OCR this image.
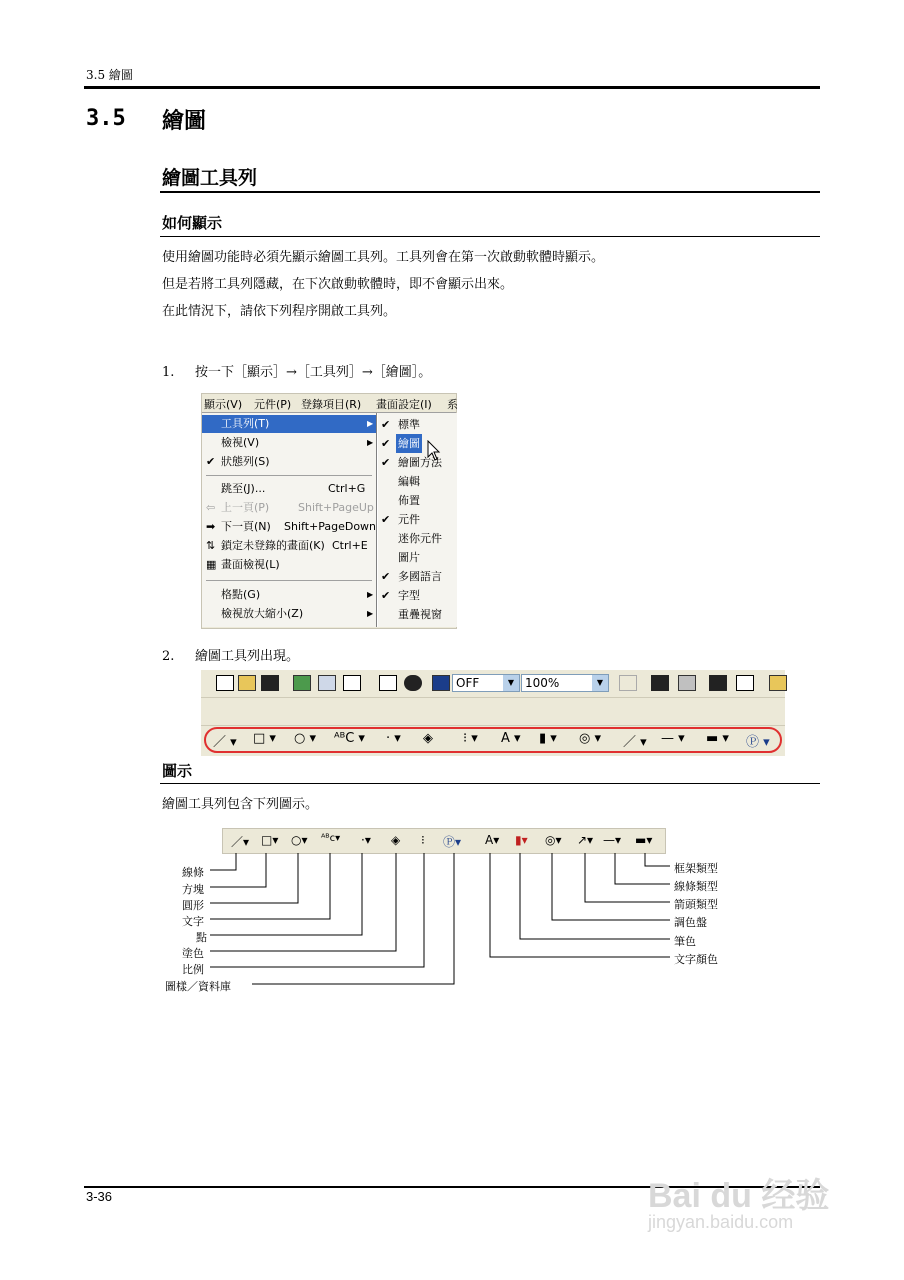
3.5 繪圖
3.5 繪圖
繪圖工具列
如何顯示
使用繪圖功能時必須先顯示繪圖工具列。工具列會在第一次啟動軟體時顯示。
但是若將工具列隱藏，在下次啟動軟體時，即不會顯示出來。
在此情況下，請依下列程序開啟工具列。
1. 按一下［顯示］→［工具列］→［繪圖］。
顯示(V) 元件(P) 登錄項目(R) 畫面設定(I) 系
工具列(T)	▶
檢視(V)	▶
✔ 狀態列(S)
跳至(J)...	Ctrl+G
⇦ 上一頁(P)	Shift+PageUp
➡ 下一頁(N) Shift+PageDown
⇅ 鎖定未登錄的畫面(K) Ctrl+E
▦ 畫面檢視(L)
格點(G)	▶
檢視放大縮小(Z)	▶
✔ 標準
✔ 繪圖
✔ 繪圖方法
編輯
佈置
✔ 元件
迷你元件
圖片
✔ 多國語言
✔ 字型
重疊視窗
2. 繪圖工具列出現。
OFF	▼ 100%	▼
／ ▾ □ ▾ ○ ▾ ᴬᴮC ▾ · ▾ ◈ ⁝ ▾ A ▾ ▮ ▾ ◎ ▾ ／ ▾ — ▾ ▬ ▾ Ⓟ ▾
圖示
繪圖工具列包含下列圖示。
／▾ □▾ ○▾ ᴬᴮᴄ▾ ·▾ ◈ ⁝ Ⓟ▾ A▾ ▮▾ ◎▾ ↗▾ —▾ ▬▾
線條
方塊
圓形
文字
點
塗色
比例
圖樣／資料庫
框架類型
線條類型
箭頭類型
調色盤
筆色
文字顏色
3-36	Bai du 经验
jingyan.baidu.com
